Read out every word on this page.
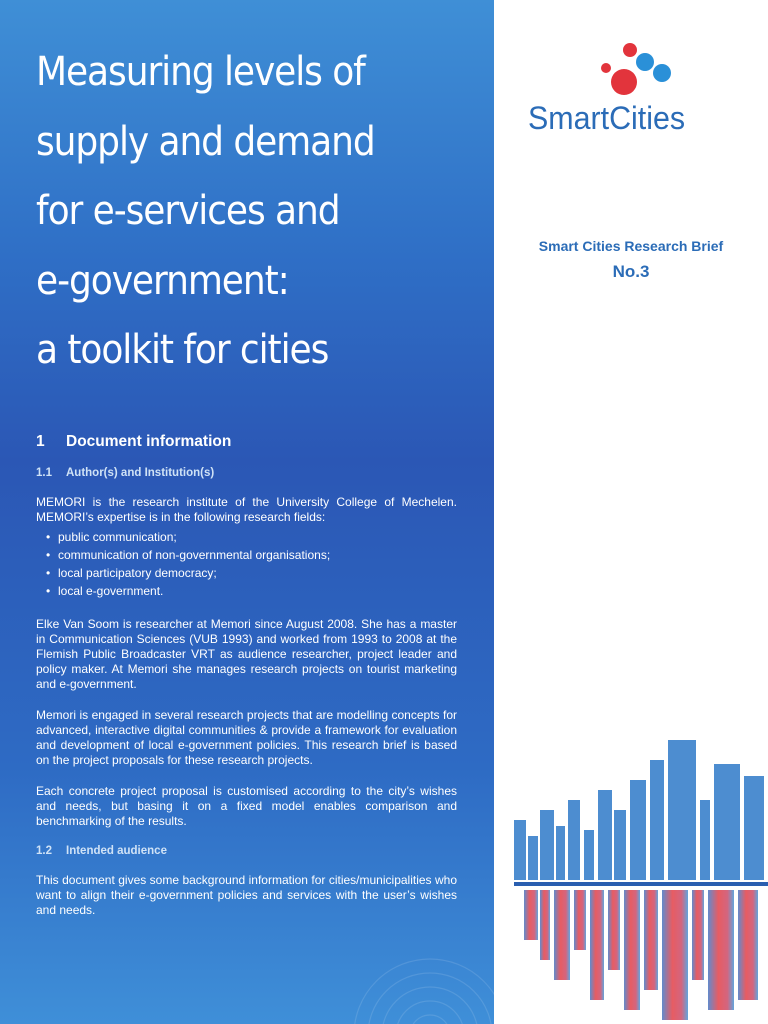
Measuring levels of
supply and demand
for e-services and
e-government:
a toolkit for cities
1 Document information
1.1 Author(s) and Institution(s)

MEMORI is the research institute of the University College of Mechelen. MEMORI’s expertise is in the following research fields:

• public communication;
• communication of non-governmental organisations;
• local participatory democracy;
• local e-government.

Elke Van Soom is researcher at Memori since August 2008. She has a master in Communication Sciences (VUB 1993) and worked from 1993 to 2008 at the Flemish Public Broadcaster VRT as audience researcher, project leader and policy maker. At Memori she manages research projects on tourist marketing and e-government.

Memori is engaged in several research projects that are modelling concepts for advanced, interactive digital communities & provide a framework for evaluation and development of local e-government policies. This research brief is based on the project proposals for these research projects.

Each concrete project proposal is customised according to the city’s wishes and needs, but basing it on a fixed model enables comparison and benchmarking of the results.

1.2 Intended audience

This document gives some background information for cities/municipalities who want to align their e-government policies and services with the user’s wishes and needs.

SmartCities
Smart Cities Research Brief
No.3
